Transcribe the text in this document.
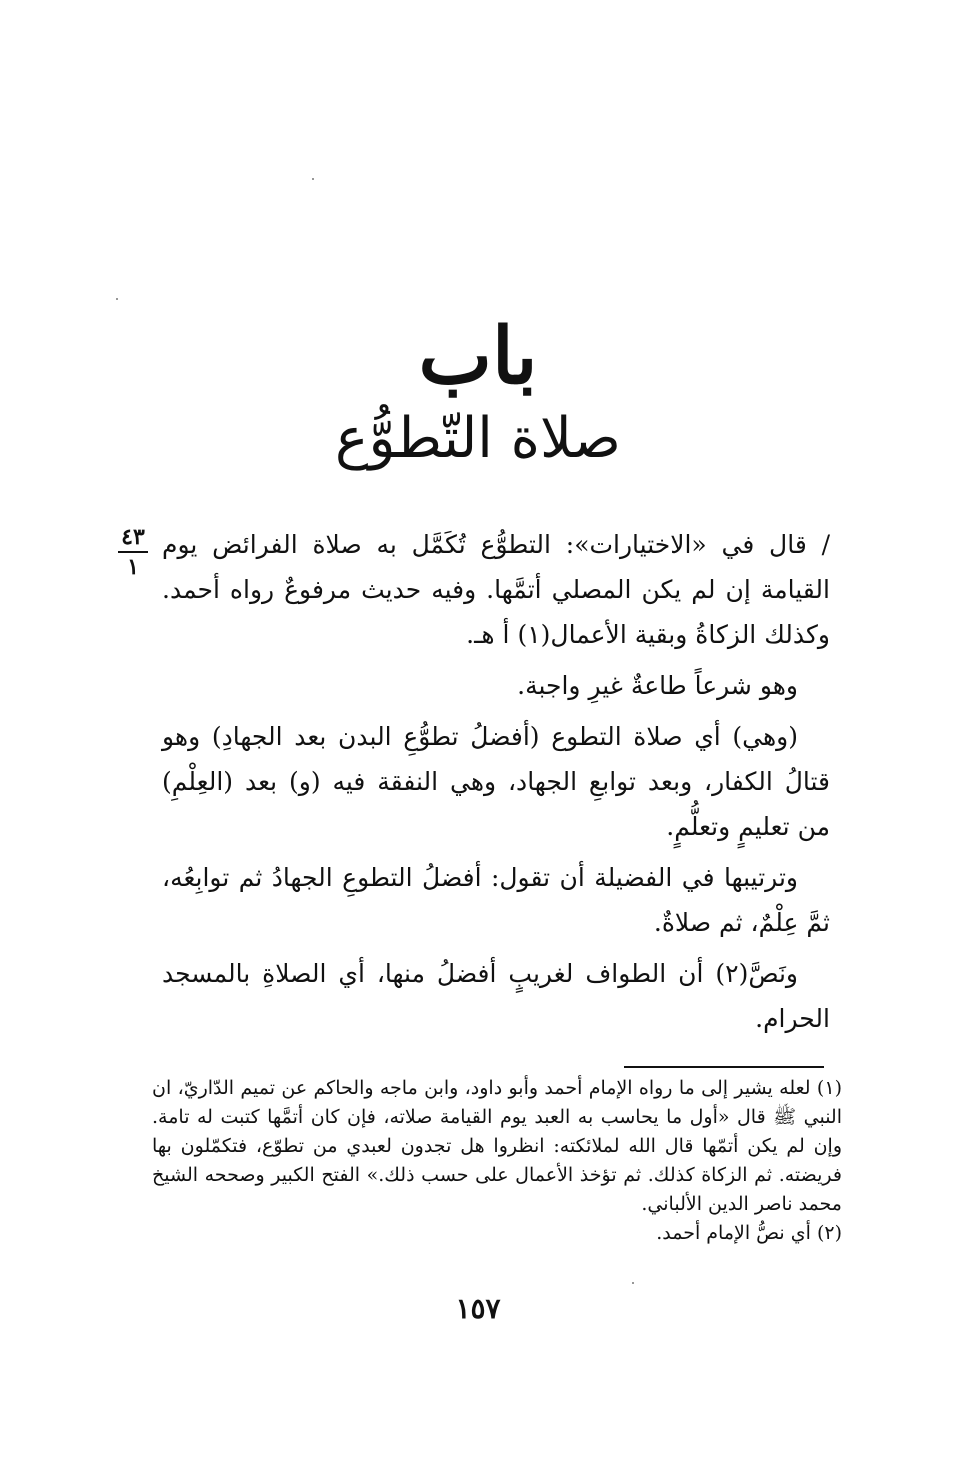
باب
صلاة التّطوُّع
٤٣
١

/ قال في «الاختيارات»: التطوُّع تُكَمَّل به صلاة الفرائض يوم القيامة إن لم يكن المصلي أتمَّها. وفيه حديث مرفوعٌ رواه أحمد. وكذلك الزكاةُ وبقية الأعمال(١) أ هـ.

وهو شرعاً طاعةٌ غيرِ واجبة.

(وهي) أي صلاة التطوع (أفضلُ تطوُّعِ البدن بعد الجهادِ) وهو قتالُ الكفار، وبعد توابعِ الجهاد، وهي النفقة فيه (و) بعد (العِلْمِ) من تعليمٍ وتعلُّمٍ.

وترتيبها في الفضيلة أن تقول: أفضلُ التطوعِ الجهادُ ثم توابِعُه، ثمَّ عِلْمٌ، ثم صلاةٌ.

ونَصَّ(٢) أن الطواف لغريبٍ أفضلُ منها، أي الصلاةِ بالمسجد الحرام.

(١) لعله يشير إلى ما رواه الإمام أحمد وأبو داود، وابن ماجه والحاكم عن تميم الدّاريّ، ان النبي ﷺ قال «أول ما يحاسب به العبد يوم القيامة صلاته، فإن كان أتمَّها كتبت له تامة. وإن لم يكن أتمّها قال الله لملائكته: انظروا هل تجدون لعبدي من تطوّع، فتكمّلون بها فريضته. ثم الزكاة كذلك. ثم تؤخذ الأعمال على حسب ذلك.» الفتح الكبير وصححه الشيخ محمد ناصر الدين الألباني.

(٢) أي نصُّ الإمام أحمد.

١٥٧
